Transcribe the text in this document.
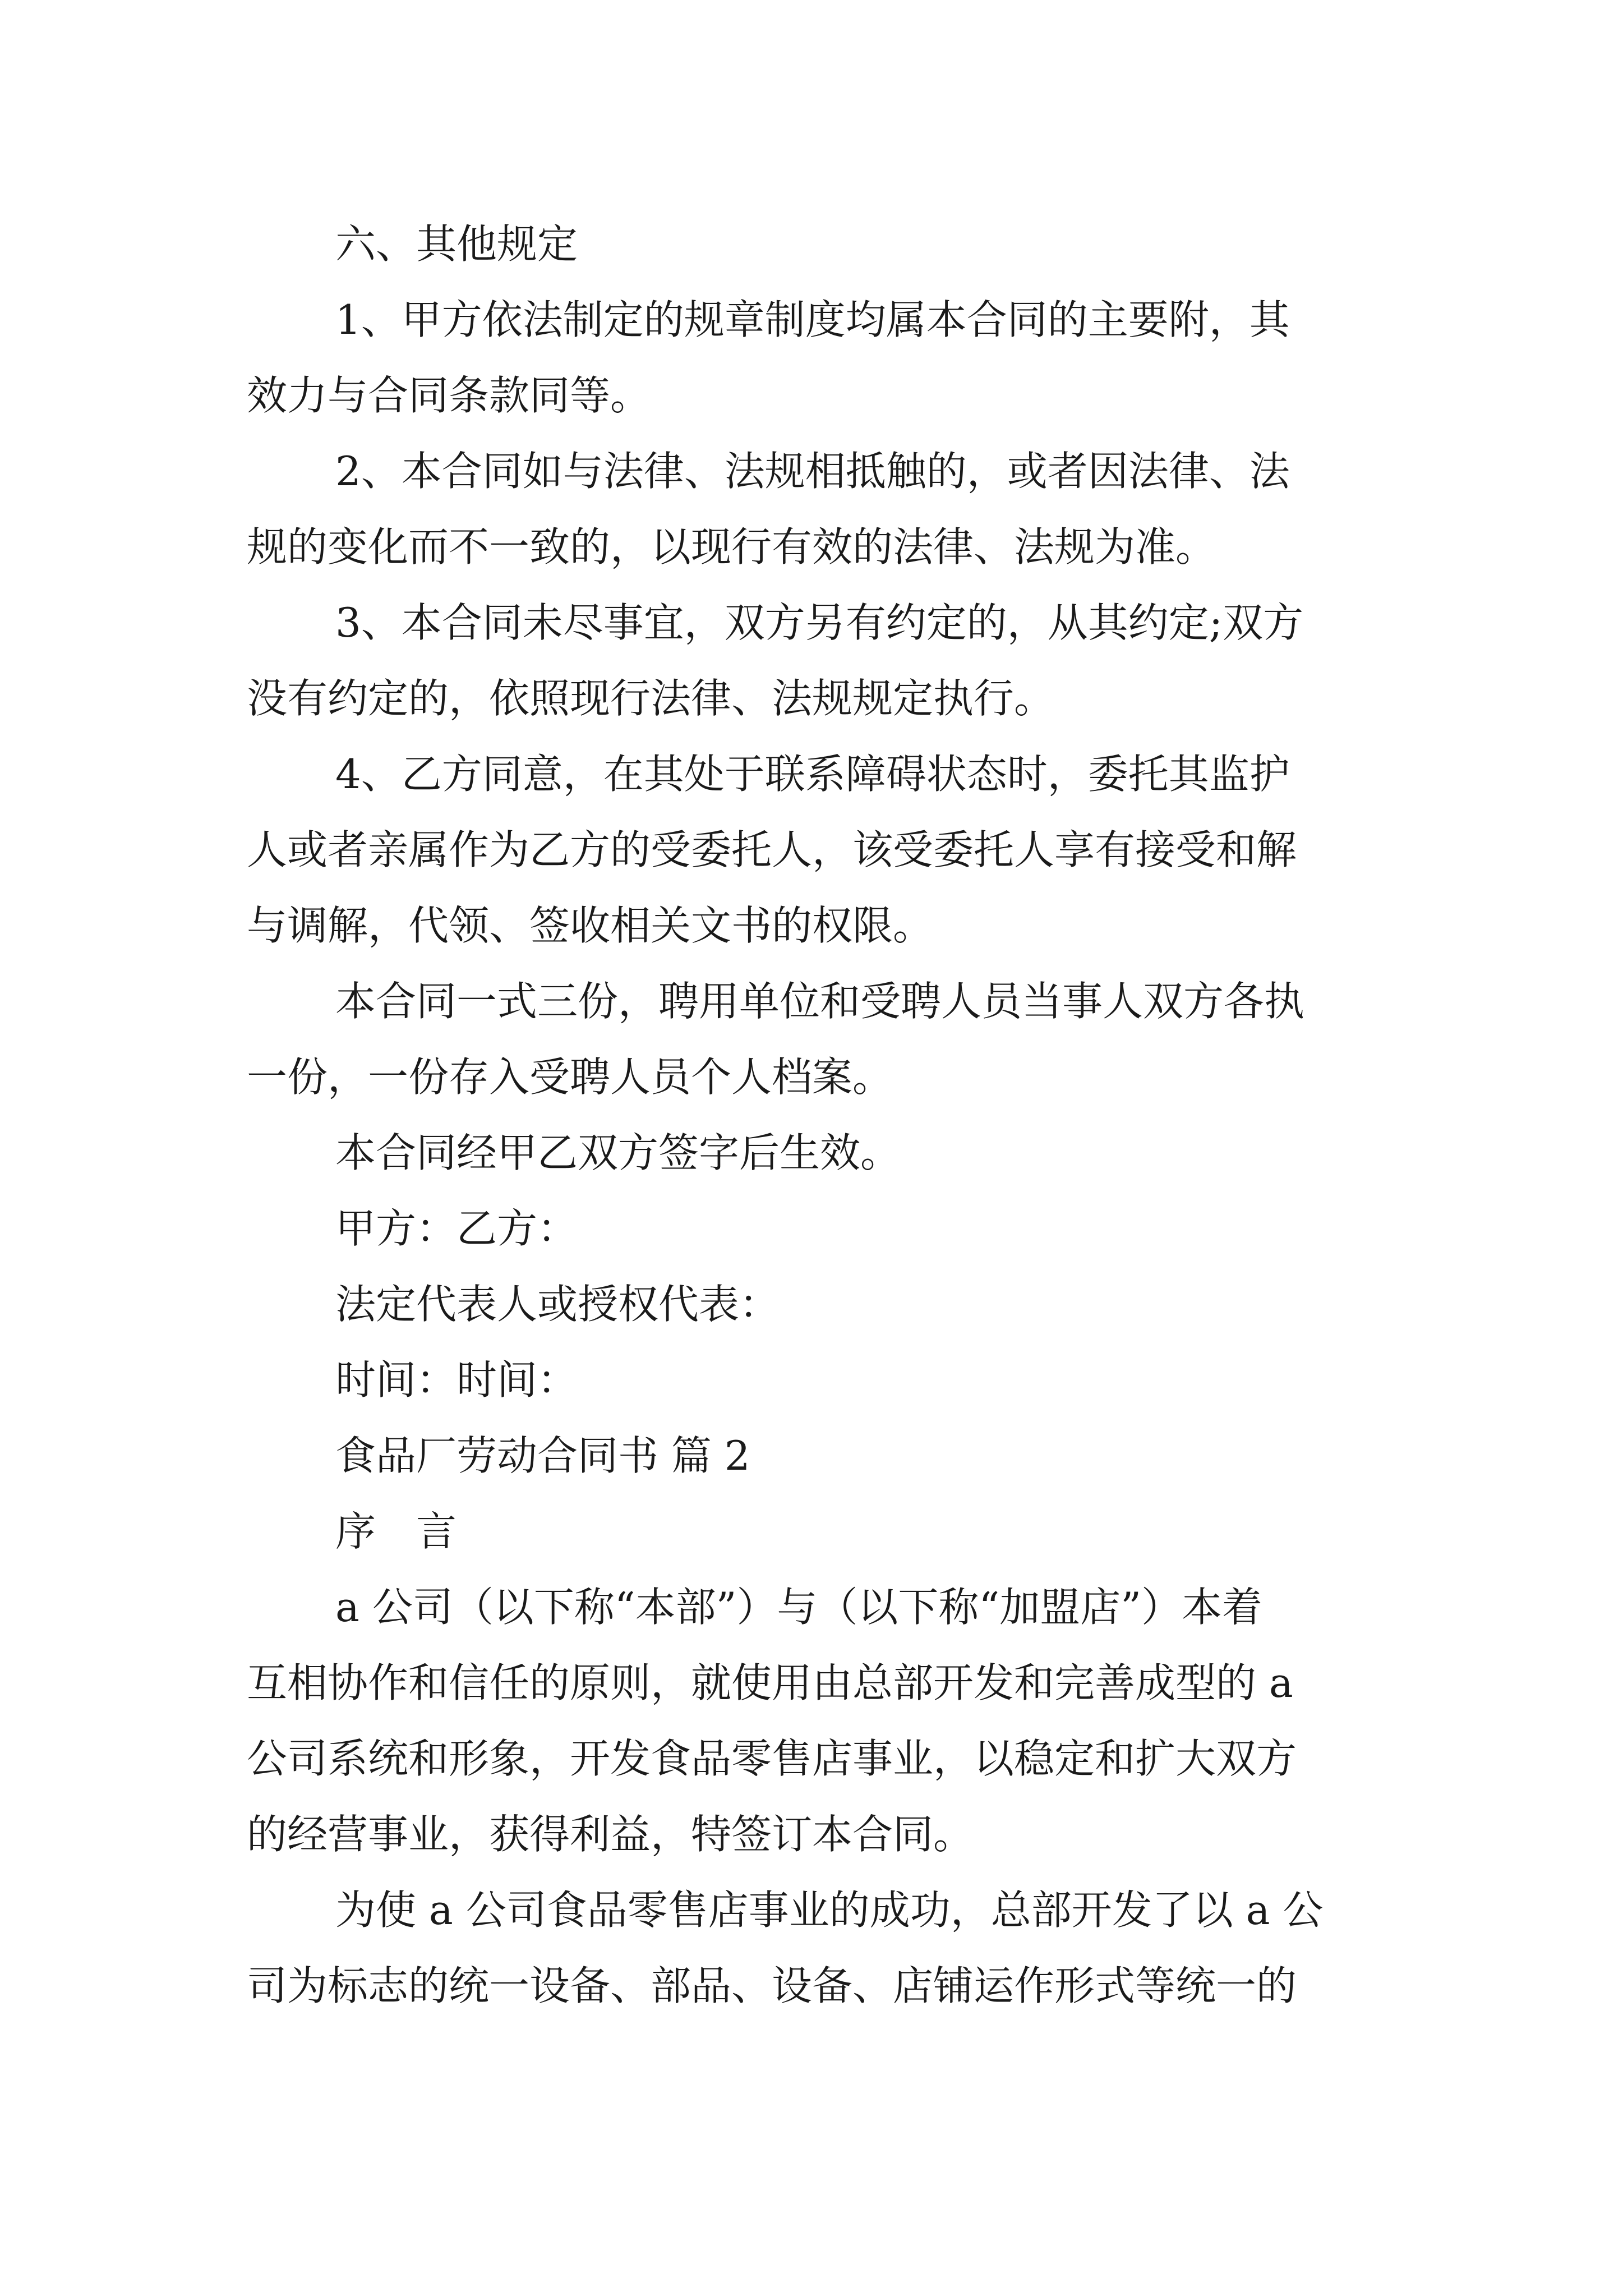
六、其他规定

1、甲方依法制定的规章制度均属本合同的主要附，其

效力与合同条款同等。

2、本合同如与法律、法规相抵触的，或者因法律、法

规的变化而不一致的，以现行有效的法律、法规为准。

3、本合同未尽事宜，双方另有约定的，从其约定;双方

没有约定的，依照现行法律、法规规定执行。

4、乙方同意，在其处于联系障碍状态时，委托其监护

人或者亲属作为乙方的受委托人，该受委托人享有接受和解

与调解，代领、签收相关文书的权限。

本合同一式三份，聘用单位和受聘人员当事人双方各执

一份，一份存入受聘人员个人档案。

本合同经甲乙双方签字后生效。

甲方：乙方：

法定代表人或授权代表：

时间：时间：

食品厂劳动合同书 篇 2

序　言

a 公司（以下称“本部”）与（以下称“加盟店”）本着

互相协作和信任的原则，就使用由总部开发和完善成型的 a

公司系统和形象，开发食品零售店事业，以稳定和扩大双方

的经营事业，获得利益，特签订本合同。

为使 a 公司食品零售店事业的成功，总部开发了以 a 公

司为标志的统一设备、部品、设备、店铺运作形式等统一的
